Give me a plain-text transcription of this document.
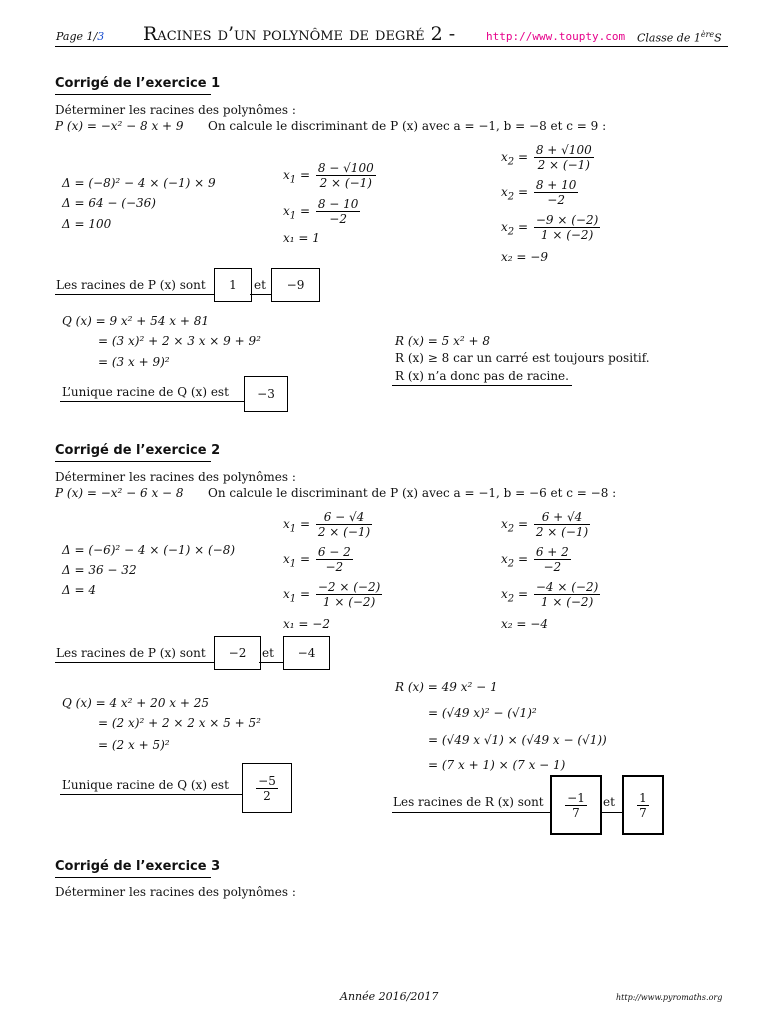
Page 1/3 Racines d’un polynôme de degré 2 -	http://www.toupty.com Classe de 1èreS
Corrigé de l’exercice 1
Déterminer les racines des polynômes :
P (x) = −x² − 8 x + 9 On calcule le discriminant de P (x) avec a = −1, b = −8 et c = 9 :
Δ = (−8)² − 4 × (−1) × 9
Δ = 64 − (−36)
Δ = 100
$x_1 = \frac{8 - √100}{2 \times (-1)}$
$x_1 = \frac{8 - 10}{-2}$
x₁ = 1
$x_2 = \frac{8 + √100}{2 \times (-1)}$
$x_2 = \frac{8 + 10}{-2}$
$x_2 = \frac{-9 \times (-2)}{1 \times (-2)}$
x₂ = −9
Les racines de P (x) sont 1 et −9
Q (x) = 9 x² + 54 x + 81
= (3 x)² + 2 × 3 x × 9 + 9²
= (3 x + 9)²
L’unique racine de Q (x) est −3
R (x) = 5 x² + 8
R (x) ≥ 8 car un carré est toujours positif.
R (x) n’a donc pas de racine.
Corrigé de l’exercice 2
Déterminer les racines des polynômes :
P (x) = −x² − 6 x − 8 On calcule le discriminant de P (x) avec a = −1, b = −6 et c = −8 :
Δ = (−6)² − 4 × (−1) × (−8)
Δ = 36 − 32
Δ = 4
$x_1 = \frac{6 - √4}{2 \times (-1)}$
$x_1 = \frac{6 - 2}{-2}$
$x_1 = \frac{-2 \times (-2)}{1 \times (-2)}$
x₁ = −2
$x_2 = \frac{6 + √4}{2 \times (-1)}$
$x_2 = \frac{6 + 2}{-2}$
$x_2 = \frac{-4 \times (-2)}{1 \times (-2)}$
x₂ = −4
Les racines de P (x) sont −2 et −4
Q (x) = 4 x² + 20 x + 25
= (2 x)² + 2 × 2 x × 5 + 5²
= (2 x + 5)²
L’unique racine de Q (x) est $\frac{-5}{2}$
R (x) = 49 x² − 1
= (√49 x)² − (√1)²
= (√49 x √1) × (√49 x − (√1))
= (7 x + 1) × (7 x − 1)
Les racines de R (x) sont $\frac{-1}{7}$ et $\frac{1}{7}$
Corrigé de l’exercice 3
Déterminer les racines des polynômes :
Année 2016/2017	http://www.pyromaths.org
